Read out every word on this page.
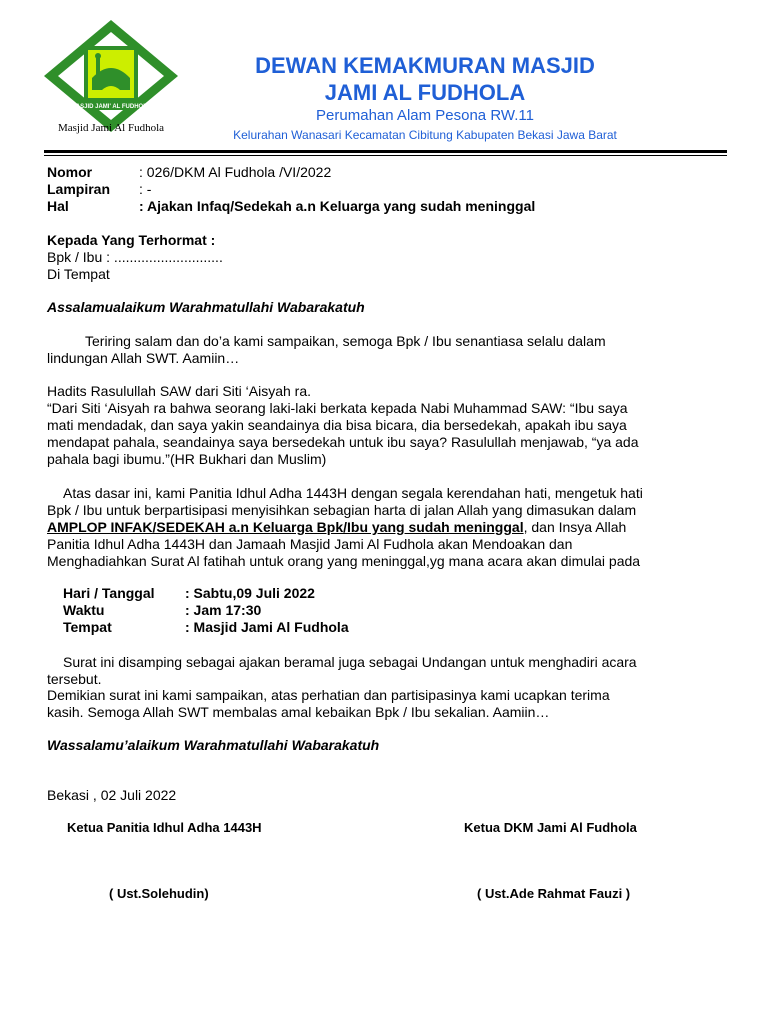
MASJID JAMI' AL FUDHOLA
Masjid Jami Al Fudhola
DEWAN KEMAKMURAN MASJID
JAMI AL FUDHOLA
Perumahan Alam Pesona RW.11
Kelurahan Wanasari Kecamatan Cibitung Kabupaten Bekasi Jawa Barat
Nomor	: 026/DKM Al Fudhola /VI/2022
Lampiran : -
Hal	: Ajakan Infaq/Sedekah a.n Keluarga yang sudah meninggal
Kepada Yang Terhormat :
Bpk / Ibu : ............................
Di Tempat
Assalamualaikum Warahmatullahi Wabarakatuh
Teriring salam dan do’a kami sampaikan, semoga Bpk / Ibu senantiasa selalu dalam
lindungan Allah SWT. Aamiin…
Hadits Rasulullah SAW dari Siti ‘Aisyah ra.
“Dari Siti ‘Aisyah ra bahwa seorang laki-laki berkata kepada Nabi Muhammad SAW: “Ibu saya
mati mendadak, dan saya yakin seandainya dia bisa bicara, dia bersedekah, apakah ibu saya
mendapat pahala, seandainya saya bersedekah untuk ibu saya? Rasulullah menjawab, “ya ada
pahala bagi ibumu.”(HR Bukhari dan Muslim)
Atas dasar ini, kami Panitia Idhul Adha 1443H dengan segala kerendahan hati, mengetuk hati
Bpk / Ibu untuk berpartisipasi menyisihkan sebagian harta di jalan Allah yang dimasukan dalam
AMPLOP INFAK/SEDEKAH a.n Keluarga Bpk/Ibu yang sudah meninggal, dan Insya Allah
Panitia Idhul Adha 1443H dan Jamaah Masjid Jami Al Fudhola akan Mendoakan dan
Menghadiahkan Surat Al fatihah untuk orang yang meninggal,yg mana acara akan dimulai pada
Hari / Tanggal : Sabtu,09 Juli 2022
Waktu	: Jam 17:30
Tempat	: Masjid Jami Al Fudhola
Surat ini disamping sebagai ajakan beramal juga sebagai Undangan untuk menghadiri acara
tersebut.
Demikian surat ini kami sampaikan, atas perhatian dan partisipasinya kami ucapkan terima
kasih. Semoga Allah SWT membalas amal kebaikan Bpk / Ibu sekalian. Aamiin…
Wassalamu’alaikum Warahmatullahi Wabarakatuh
Bekasi , 02 Juli 2022
Ketua Panitia Idhul Adha 1443H	Ketua DKM Jami Al Fudhola
( Ust.Solehudin)	( Ust.Ade Rahmat Fauzi )
